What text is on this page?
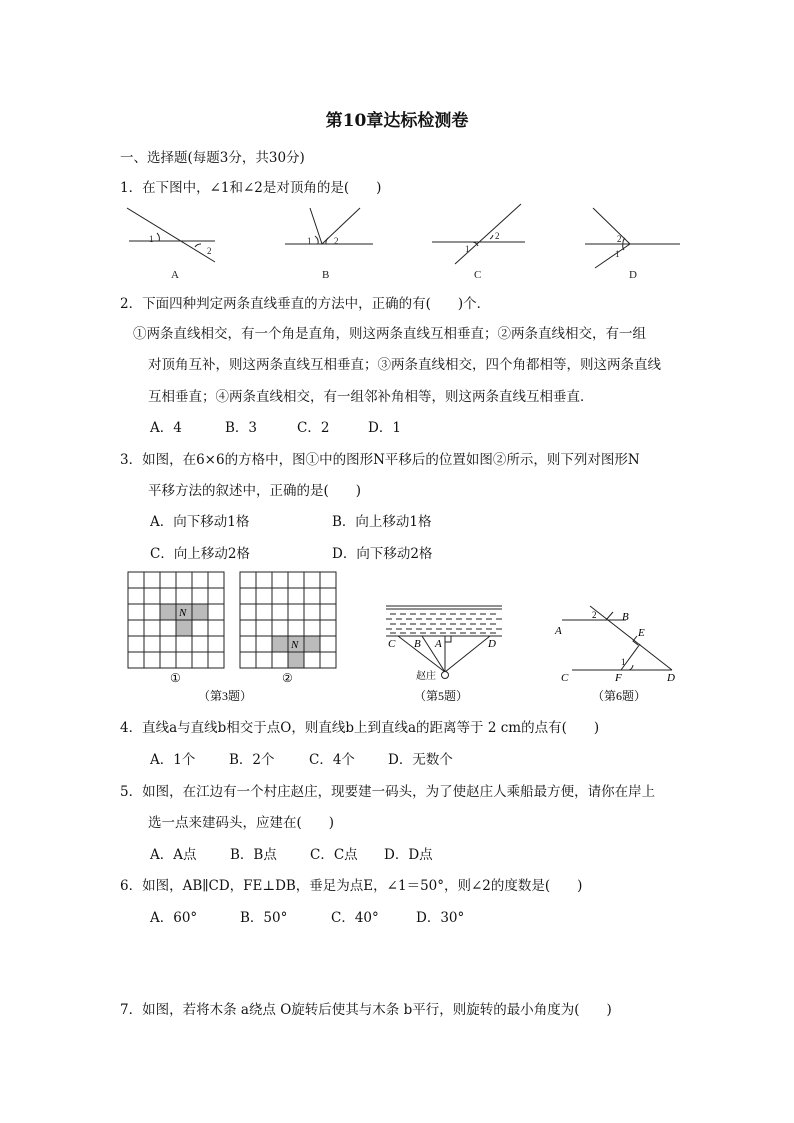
第10章达标检测卷
一、选择题(每题3分，共30分)
1．在下图中，∠1和∠2是对顶角的是(　　)
1
2
1	2
1
2	2
1
A	B	C	D
2．下面四种判定两条直线垂直的方法中，正确的有(　　)个．
①两条直线相交，有一个角是直角，则这两条直线互相垂直；②两条直线相交，有一组
对顶角互补，则这两条直线互相垂直；③两条直线相交，四个角都相等，则这两条直线
互相垂直；④两条直线相交，有一组邻补角相等，则这两条直线互相垂直．
A．4	B．3	C．2	D．1
3．如图，在6×6的方格中，图①中的图形N平移后的位置如图②所示，则下列对图形N
平移方法的叙述中，正确的是(　　)
A．向下移动1格	B．向上移动1格
C．向上移动2格	D．向下移动2格
N
①
N
②
（第3题）
C B A	D
赵庄
（第5题）
A
B
C	D
E
F
2
1
（第6题）
4．直线a与直线b相交于点O，则直线b上到直线a的距离等于 2 cm的点有(　　)
A．1个 B．2个	C．4个 D．无数个
5．如图，在江边有一个村庄赵庄，现要建一码头，为了使赵庄人乘船最方便，请你在岸上
选一点来建码头，应建在(　　)
A．A点 B．B点 C．C点 D．D点
6．如图，AB∥CD，FE⊥DB，垂足为点E，∠1＝50°，则∠2的度数是(　　)
A．60°	B．50°	C．40°	D．30°
7．如图，若将木条 a绕点 O旋转后使其与木条 b平行，则旋转的最小角度为(　　)
